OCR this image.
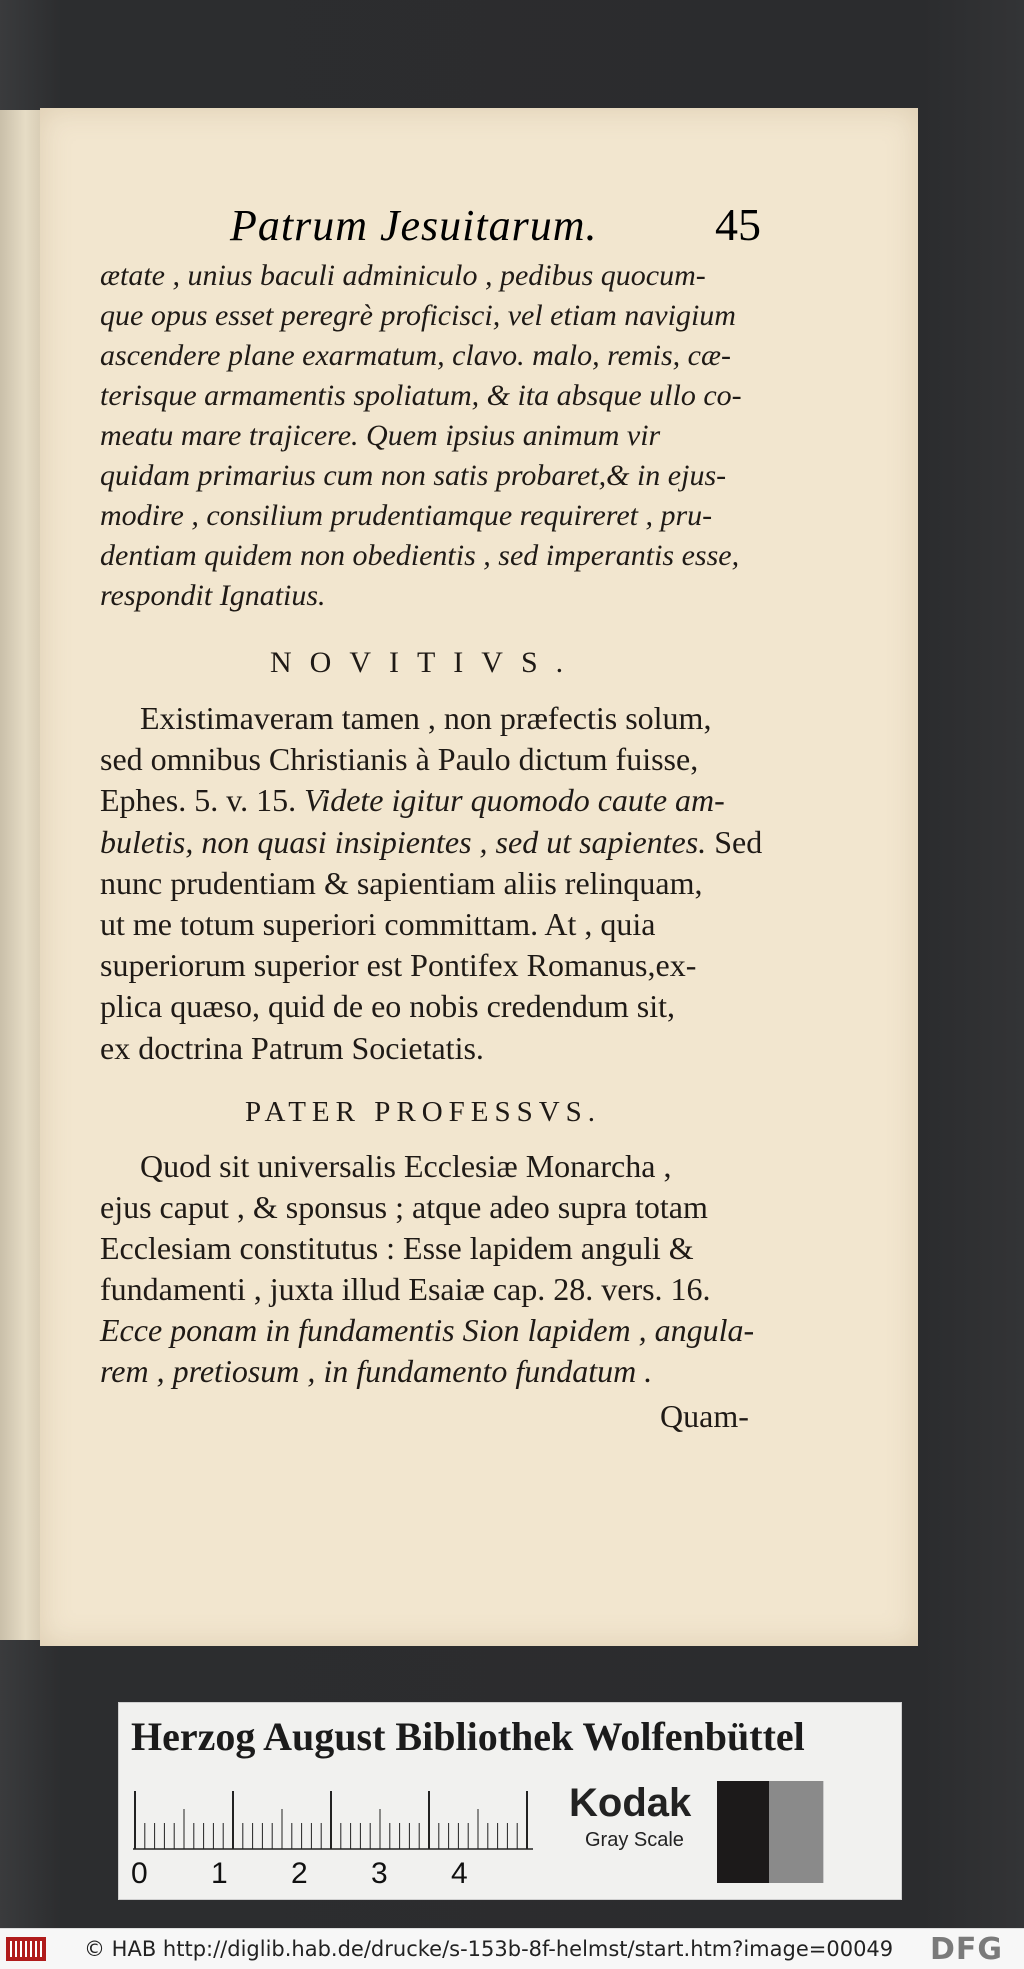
Patrum Jesuitarum.	45

ætate , unius baculi adminiculo , pedibus quocum-

que opus esset peregrè proficisci, vel etiam navigium

ascendere plane exarmatum, clavo. malo, remis, cæ-

terisque armamentis spoliatum, & ita absque ullo co-

meatu mare trajicere. Quem ipsius animum vir

quidam primarius cum non satis probaret,& in ejus-

modire , consilium prudentiamque requireret , pru-

dentiam quidem non obedientis , sed imperantis esse,

respondit Ignatius.

NOVITIVS.

Existimaveram tamen , non præfectis solum,

sed omnibus Christianis à Paulo dictum fuisse,

Ephes. 5. v. 15. Videte igitur quomodo caute am-

buletis, non quasi insipientes , sed ut sapientes. Sed

nunc prudentiam & sapientiam aliis relinquam,

ut me totum superiori committam. At , quia

superiorum superior est Pontifex Romanus,ex-

plica quæso, quid de eo nobis credendum sit,

ex doctrina Patrum Societatis.

PATER PROFESSVS.

Quod sit universalis Ecclesiæ Monarcha ,

ejus caput , & sponsus ; atque adeo supra totam

Ecclesiam constitutus : Esse lapidem anguli &

fundamenti , juxta illud Esaiæ cap. 28. vers. 16.

Ecce ponam in fundamentis Sion lapidem , angula-

rem , pretiosum , in fundamento fundatum .

Quam-
Herzog August Bibliothek Wolfenbüttel
0 1 2 3 4
Kodak
Gray Scale
© HAB http://diglib.hab.de/drucke/s-153b-8f-helmst/start.htm?image=00049 DFG
